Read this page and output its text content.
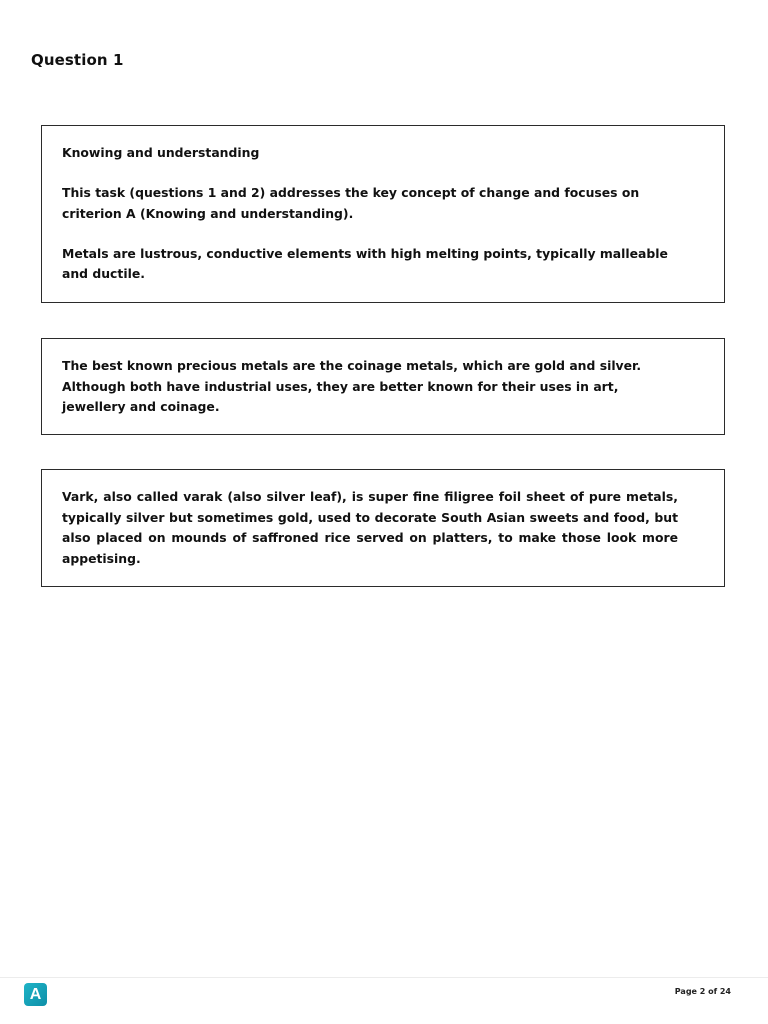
Question 1
Knowing and understanding
This task (questions 1 and 2) addresses the key concept of change and focuses on criterion A (Knowing and understanding).
Metals are lustrous, conductive elements with high melting points, typically malleable and ductile.
The best known precious metals are the coinage metals, which are gold and silver. Although both have industrial uses, they are better known for their uses in art, jewellery and coinage.
Vark, also called varak (also silver leaf), is super fine filigree foil sheet of pure metals, typically silver but sometimes gold, used to decorate South Asian sweets and food, but also placed on mounds of saffroned rice served on platters, to make those look more appetising.
A	Page 2 of 24
